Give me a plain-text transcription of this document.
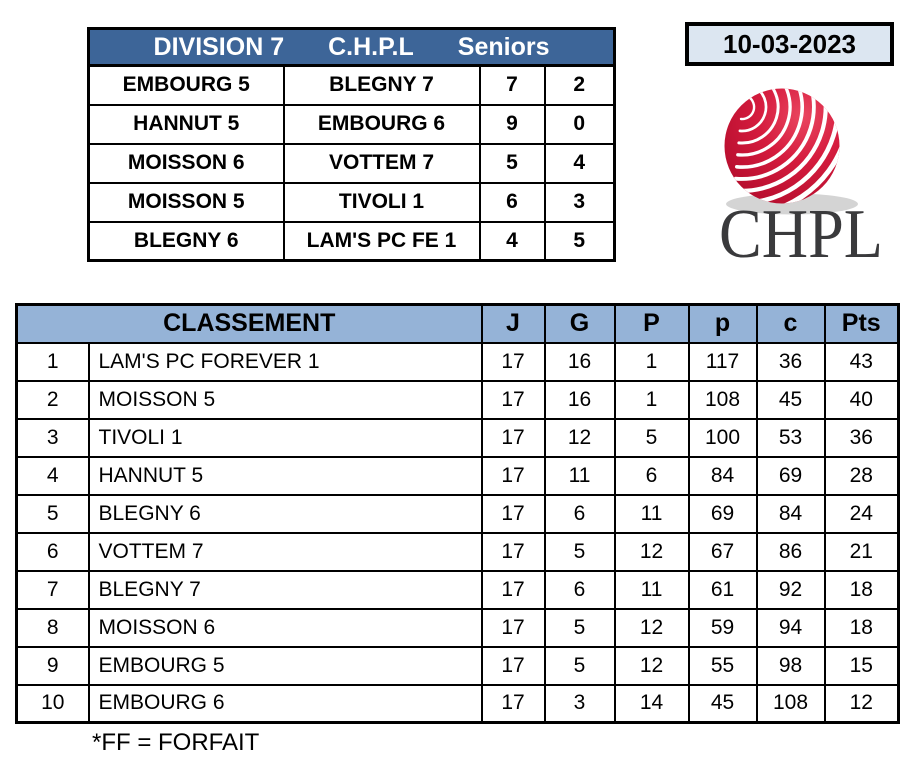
DIVISION 7 C.H.P.L Seniors			

EMBOURG 5	BLEGNY 7	7	2
HANNUT 5	EMBOURG 6	9	0
MOISSON 6	VOTTEM 7	5	4
MOISSON 5	TIVOLI 1	6	3
BLEGNY 6	LAM'S PC FE 1	4	5
10-03-2023
CHPL
CLASSEMENT		J	G	P	p	c	Pts
1	LAM'S PC FOREVER 1	17	16	1	117	36	43
2	MOISSON 5	17	16	1	108	45	40
3	TIVOLI 1	17	12	5	100	53	36
4	HANNUT 5	17	11	6	84	69	28
5	BLEGNY 6	17	6	11	69	84	24
6	VOTTEM 7	17	5	12	67	86	21
7	BLEGNY 7	17	6	11	61	92	18
8	MOISSON 6	17	5	12	59	94	18
9	EMBOURG 5	17	5	12	55	98	15
10	EMBOURG 6	17	3	14	45	108	12
*FF = FORFAIT
